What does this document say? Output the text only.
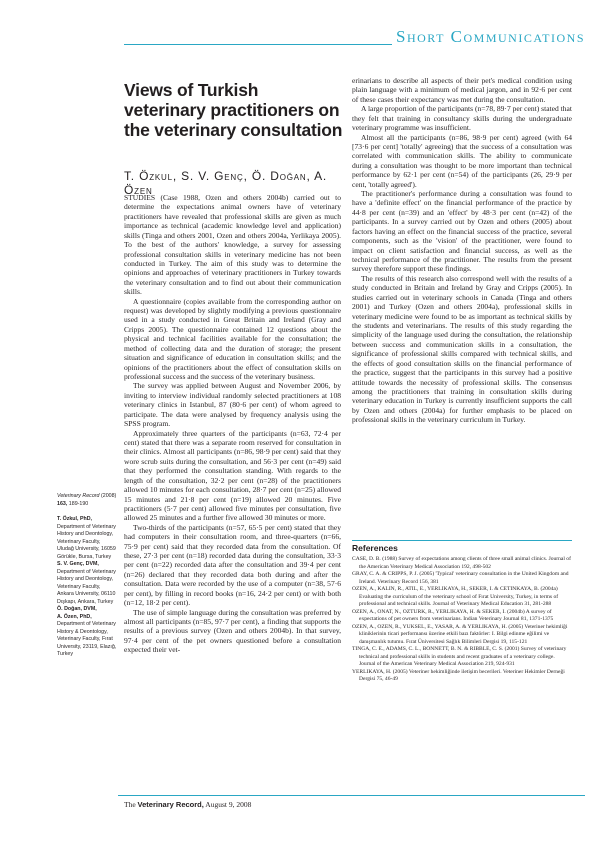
Short Communications
Views of Turkish veterinary practitioners on the veterinary consultation
T. Özkul, S. V. Genç, Ö. Doğan, A. Özen

STUDIES (Case 1988, Ozen and others 2004b) carried out to determine the expectations animal owners have of veterinary practitioners have revealed that professional skills are given as much importance as technical (academic knowledge level and application) skills (Tinga and others 2001, Ozen and others 2004a, Yerlikaya 2005). To the best of the authors' knowledge, a survey for assessing professional consultation skills in veterinary medicine has not been conducted in Turkey. The aim of this study was to determine the opinions and approaches of veterinary practitioners in Turkey towards the veterinary consultation and to find out about their communication skills.

A questionnaire (copies available from the corresponding author on request) was developed by slightly modifying a previous questionnaire used in a study conducted in Great Britain and Ireland (Gray and Cripps 2005). The questionnaire contained 12 questions about the physical and technical facilities available for the consultation; the method of collecting data and the duration of storage; the present situation and significance of education in consultation skills; and the opinions of the practitioners about the effect of consultation skills on professional success and the success of the veterinary business.

The survey was applied between August and November 2006, by inviting to interview individual randomly selected practitioners at 108 veterinary clinics in Istanbul, 87 (80·6 per cent) of whom agreed to participate. The data were analysed by frequency analysis using the SPSS program.

Approximately three quarters of the participants (n=63, 72·4 per cent) stated that there was a separate room reserved for consultation in their clinics. Almost all participants (n=86, 98·9 per cent) said that they wore scrub suits during the consultation, and 56·3 per cent (n=49) said that they performed the consultation standing. With regards to the length of the consultation, 32·2 per cent (n=28) of the practitioners allowed 10 minutes for each consultation, 28·7 per cent (n=25) allowed 15 minutes and 21·8 per cent (n=19) allowed 20 minutes. Five practitioners (5·7 per cent) allowed five minutes per consultation, five allowed 25 minutes and a further five allowed 30 minutes or more.

Two-thirds of the participants (n=57, 65·5 per cent) stated that they had computers in their consultation room, and three-quarters (n=66, 75·9 per cent) said that they recorded data from the consultation. Of these, 27·3 per cent (n=18) recorded data during the consultation, 33·3 per cent (n=22) recorded data after the consultation and 39·4 per cent (n=26) declared that they recorded data both during and after the consultation. Data were recorded by the use of a computer (n=38, 57·6 per cent), by filling in record books (n=16, 24·2 per cent) or with both (n=12, 18·2 per cent).

The use of simple language during the consultation was preferred by almost all participants (n=85, 97·7 per cent), a finding that supports the results of a previous survey (Ozen and others 2004b). In that survey, 97·4 per cent of the pet owners questioned before a consultation expected their vet-

erinarians to describe all aspects of their pet's medical condition using plain language with a minimum of medical jargon, and in 92·6 per cent of these cases their expectancy was met during the consultation.

A large proportion of the participants (n=78, 89·7 per cent) stated that they felt that training in consultancy skills during the undergraduate veterinary programme was insufficient.

Almost all the participants (n=86, 98·9 per cent) agreed (with 64 [73·6 per cent] 'totally' agreeing) that the success of a consultation was correlated with communication skills. The ability to communicate during a consultation was thought to be more important than technical performance by 62·1 per cent (n=54) of the participants (26, 29·9 per cent, 'totally agreed').

The practitioner's performance during a consultation was found to have a 'definite effect' on the financial performance of the practice by 44·8 per cent (n=39) and an 'effect' by 48·3 per cent (n=42) of the participants. In a survey carried out by Ozen and others (2005) about factors having an effect on the financial success of the practice, several components, such as the 'vision' of the practitioner, were found to impact on client satisfaction and financial success, as well as the technical performance of the practitioner. The results from the present survey therefore support these findings.

The results of this research also correspond well with the results of a study conducted in Britain and Ireland by Gray and Cripps (2005). In studies carried out in veterinary schools in Canada (Tinga and others 2001) and Turkey (Ozen and others 2004a), professional skills in veterinary medicine were found to be as important as technical skills by the students and veterinarians. The results of this study regarding the simplicity of the language used during the consultation, the relationship between success and communication skills in a consultation, the significance of professional skills compared with technical skills, and the effects of good consultation skills on the financial performance of the practice, suggest that the participants in this survey had a positive attitude towards the necessity of professional skills. The consensus among the practitioners that training in consultation skills during veterinary education in Turkey is currently insufficient supports the call by Ozen and others (2004a) for further emphasis to be placed on professional skills in the veterinary curriculum in Turkey.

Veterinary Record (2008)
163, 189-190

T. Özkul, PhD,
Department of Veterinary
History and Deontology,
Veterinary Faculty,
Uludağ University, 16059
Görükle, Bursa, Turkey
S. V. Genç, DVM,
Department of Veterinary
History and Deontology,
Veterinary Faculty,
Ankara University, 06110
Dışkapı, Ankara, Turkey
Ö. Doğan, DVM,
A. Özen, PhD,
Department of Veterinary
History & Deontology,
Veterinary Faculty, Fırat
University, 23119, Elazığ,
Turkey
References
CASE, D. B. (1988) Survey of expectations among clients of three small animal clinics. Journal of the American Veterinary Medical Association 192, 498-502
GRAY, C. A. & CRIPPS, P. J. (2005) 'Typical' veterinary consultation in the United Kingdom and Ireland. Veterinary Record 156, 381
OZEN, A., KALIN, R., ATIL, E., YERLIKAYA, H., SEKER, I. & CETINKAYA, B. (2004a) Evaluating the curriculum of the veterinary school of Fırat University, Turkey, in terms of professional and technical skills. Journal of Veterinary Medical Education 31, 281-288
OZEN, A., ONAT, N., OZTURK, R., YERLIKAYA, H. & SEKER, I. (2004b) A survey of expectations of pet owners from veterinarians. Indian Veterinary Journal 81, 1371-1375
OZEN, A., OZEN, R., YUKSEL, E., YASAR, A. & YERLIKAYA, H. (2005) Veteriner hekimliği kliniklerinin ticari performansı üzerine etkili bazı faktörler: I. Bilgi edinme eğilimi ve danışmanlık tutumu. Fırat Üniversitesi Sağlık Bilimleri Dergisi 19, 115-121
TINGA, C. E., ADAMS, C. L., BONNETT, B. N. & RIBBLE, C. S. (2001) Survey of veterinary technical and professional skills in students and recent graduates of a veterinary college. Journal of the American Veterinary Medical Association 219, 924-931
YERLIKAYA, H. (2005) Veteriner hekimliğinde iletişim becerileri. Veteriner Hekimler Derneği Dergisi 75, 46-49
The Veterinary Record, August 9, 2008
